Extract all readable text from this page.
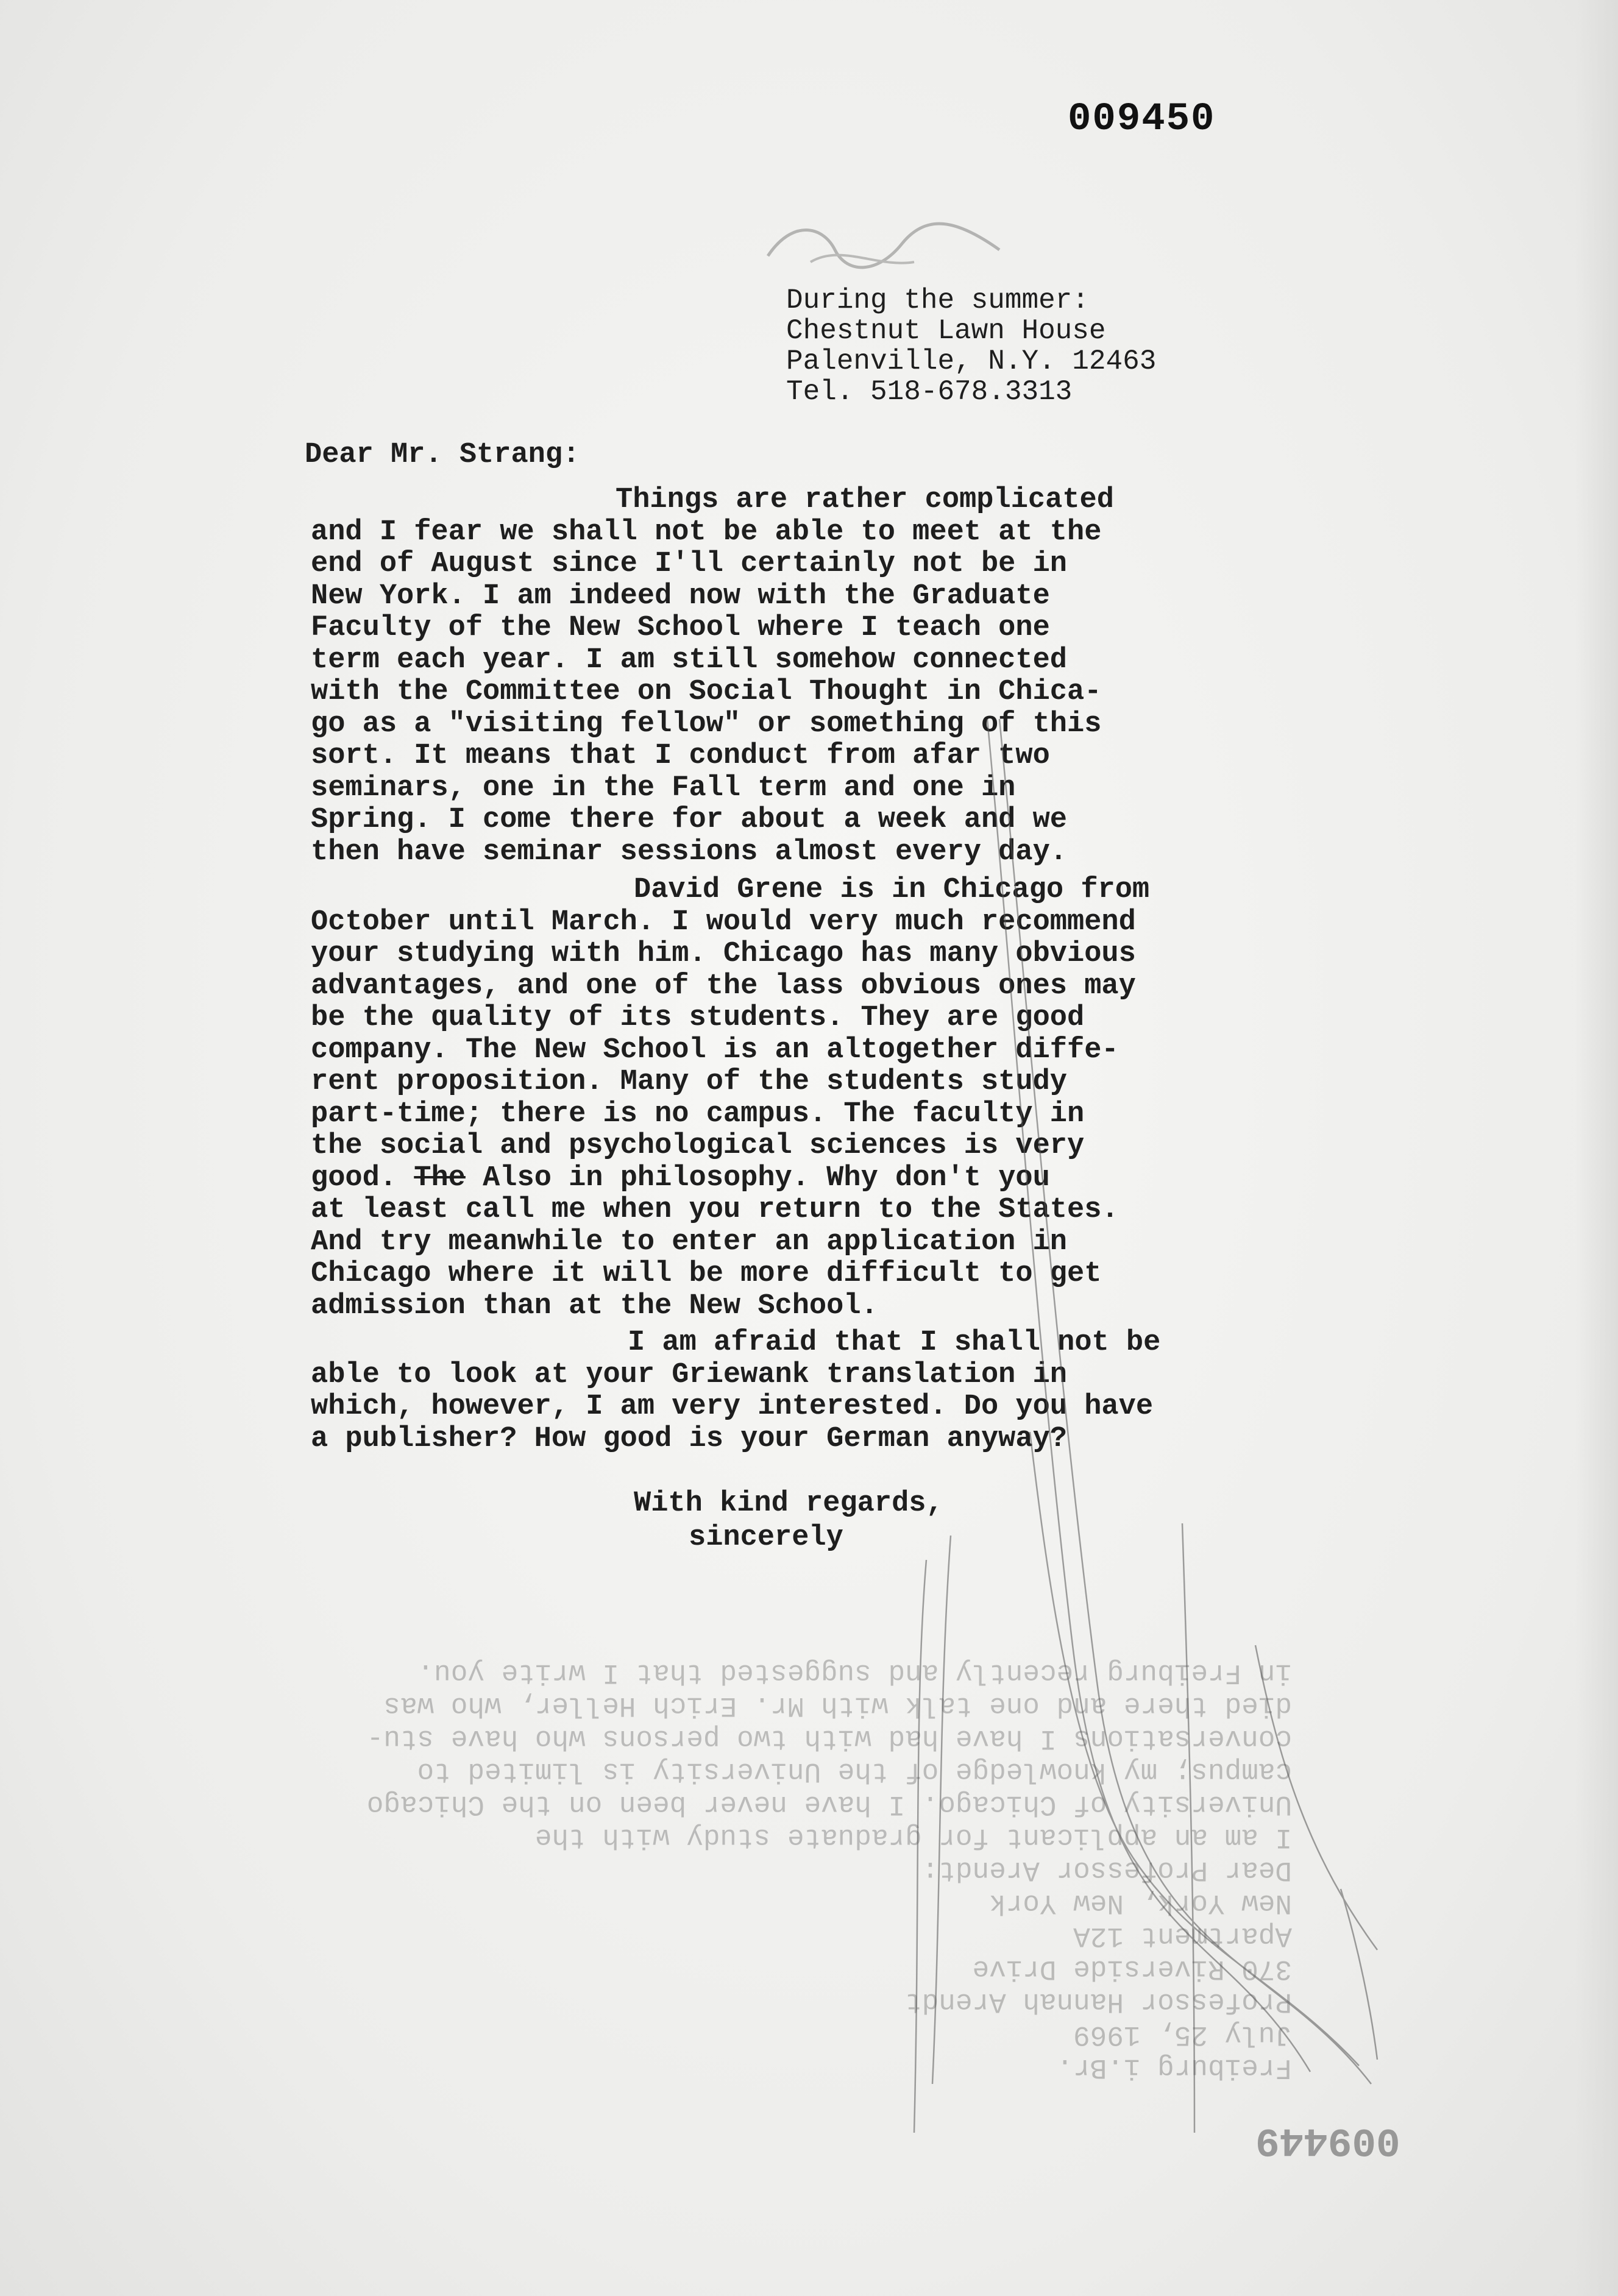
Freiburg i.Br.
July 25, 1969
Professor Hannah Arendt
370 Riverside Drive
Apartment 12A
New York, New York
Dear Professor Arendt:
I am an applicant for graduate study with the
University of Chicago. I have never been on the Chicago
campus; my knowledge of the University is limited to
conversations I have had with two persons who have stu-
died there and one talk with Mr. Erich Heller, who was
in Freiburg recently and suggested that I write you.
009450
009449
During the summer:
Chestnut Lawn House
Palenville, N.Y. 12463
Tel. 518-678.3313
Dear Mr. Strang:
Things are rather complicated
and I fear we shall not be able to meet at the
end of August since I'll certainly not be in
New York. I am indeed now with the Graduate
Faculty of the New School where I teach one
term each year. I am still somehow connected
with the Committee on Social Thought in Chica-
go as a "visiting fellow" or something of this
sort. It means that I conduct from afar two
seminars, one in the Fall term and one in
Spring. I come there for about a week and we
then have seminar sessions almost every day.
David Grene is in Chicago from
October until March. I would very much recommend
your studying with him. Chicago has many obvious
advantages, and one of the lass obvious ones may
be the quality of its students. They are good
company. The New School is an altogether diffe-
rent proposition. Many of the students study
part-time; there is no campus. The faculty in
the social and psychological sciences is very
good. The Also in philosophy. Why don't you
at least call me when you return to the States.
And try meanwhile to enter an application in
Chicago where it will be more difficult to get
admission than at the New School.
I am afraid that I shall not be
able to look at your Griewank translation in
which, however, I am very interested. Do you have
a publisher? How good is your German anyway?
With kind regards,
sincerely
